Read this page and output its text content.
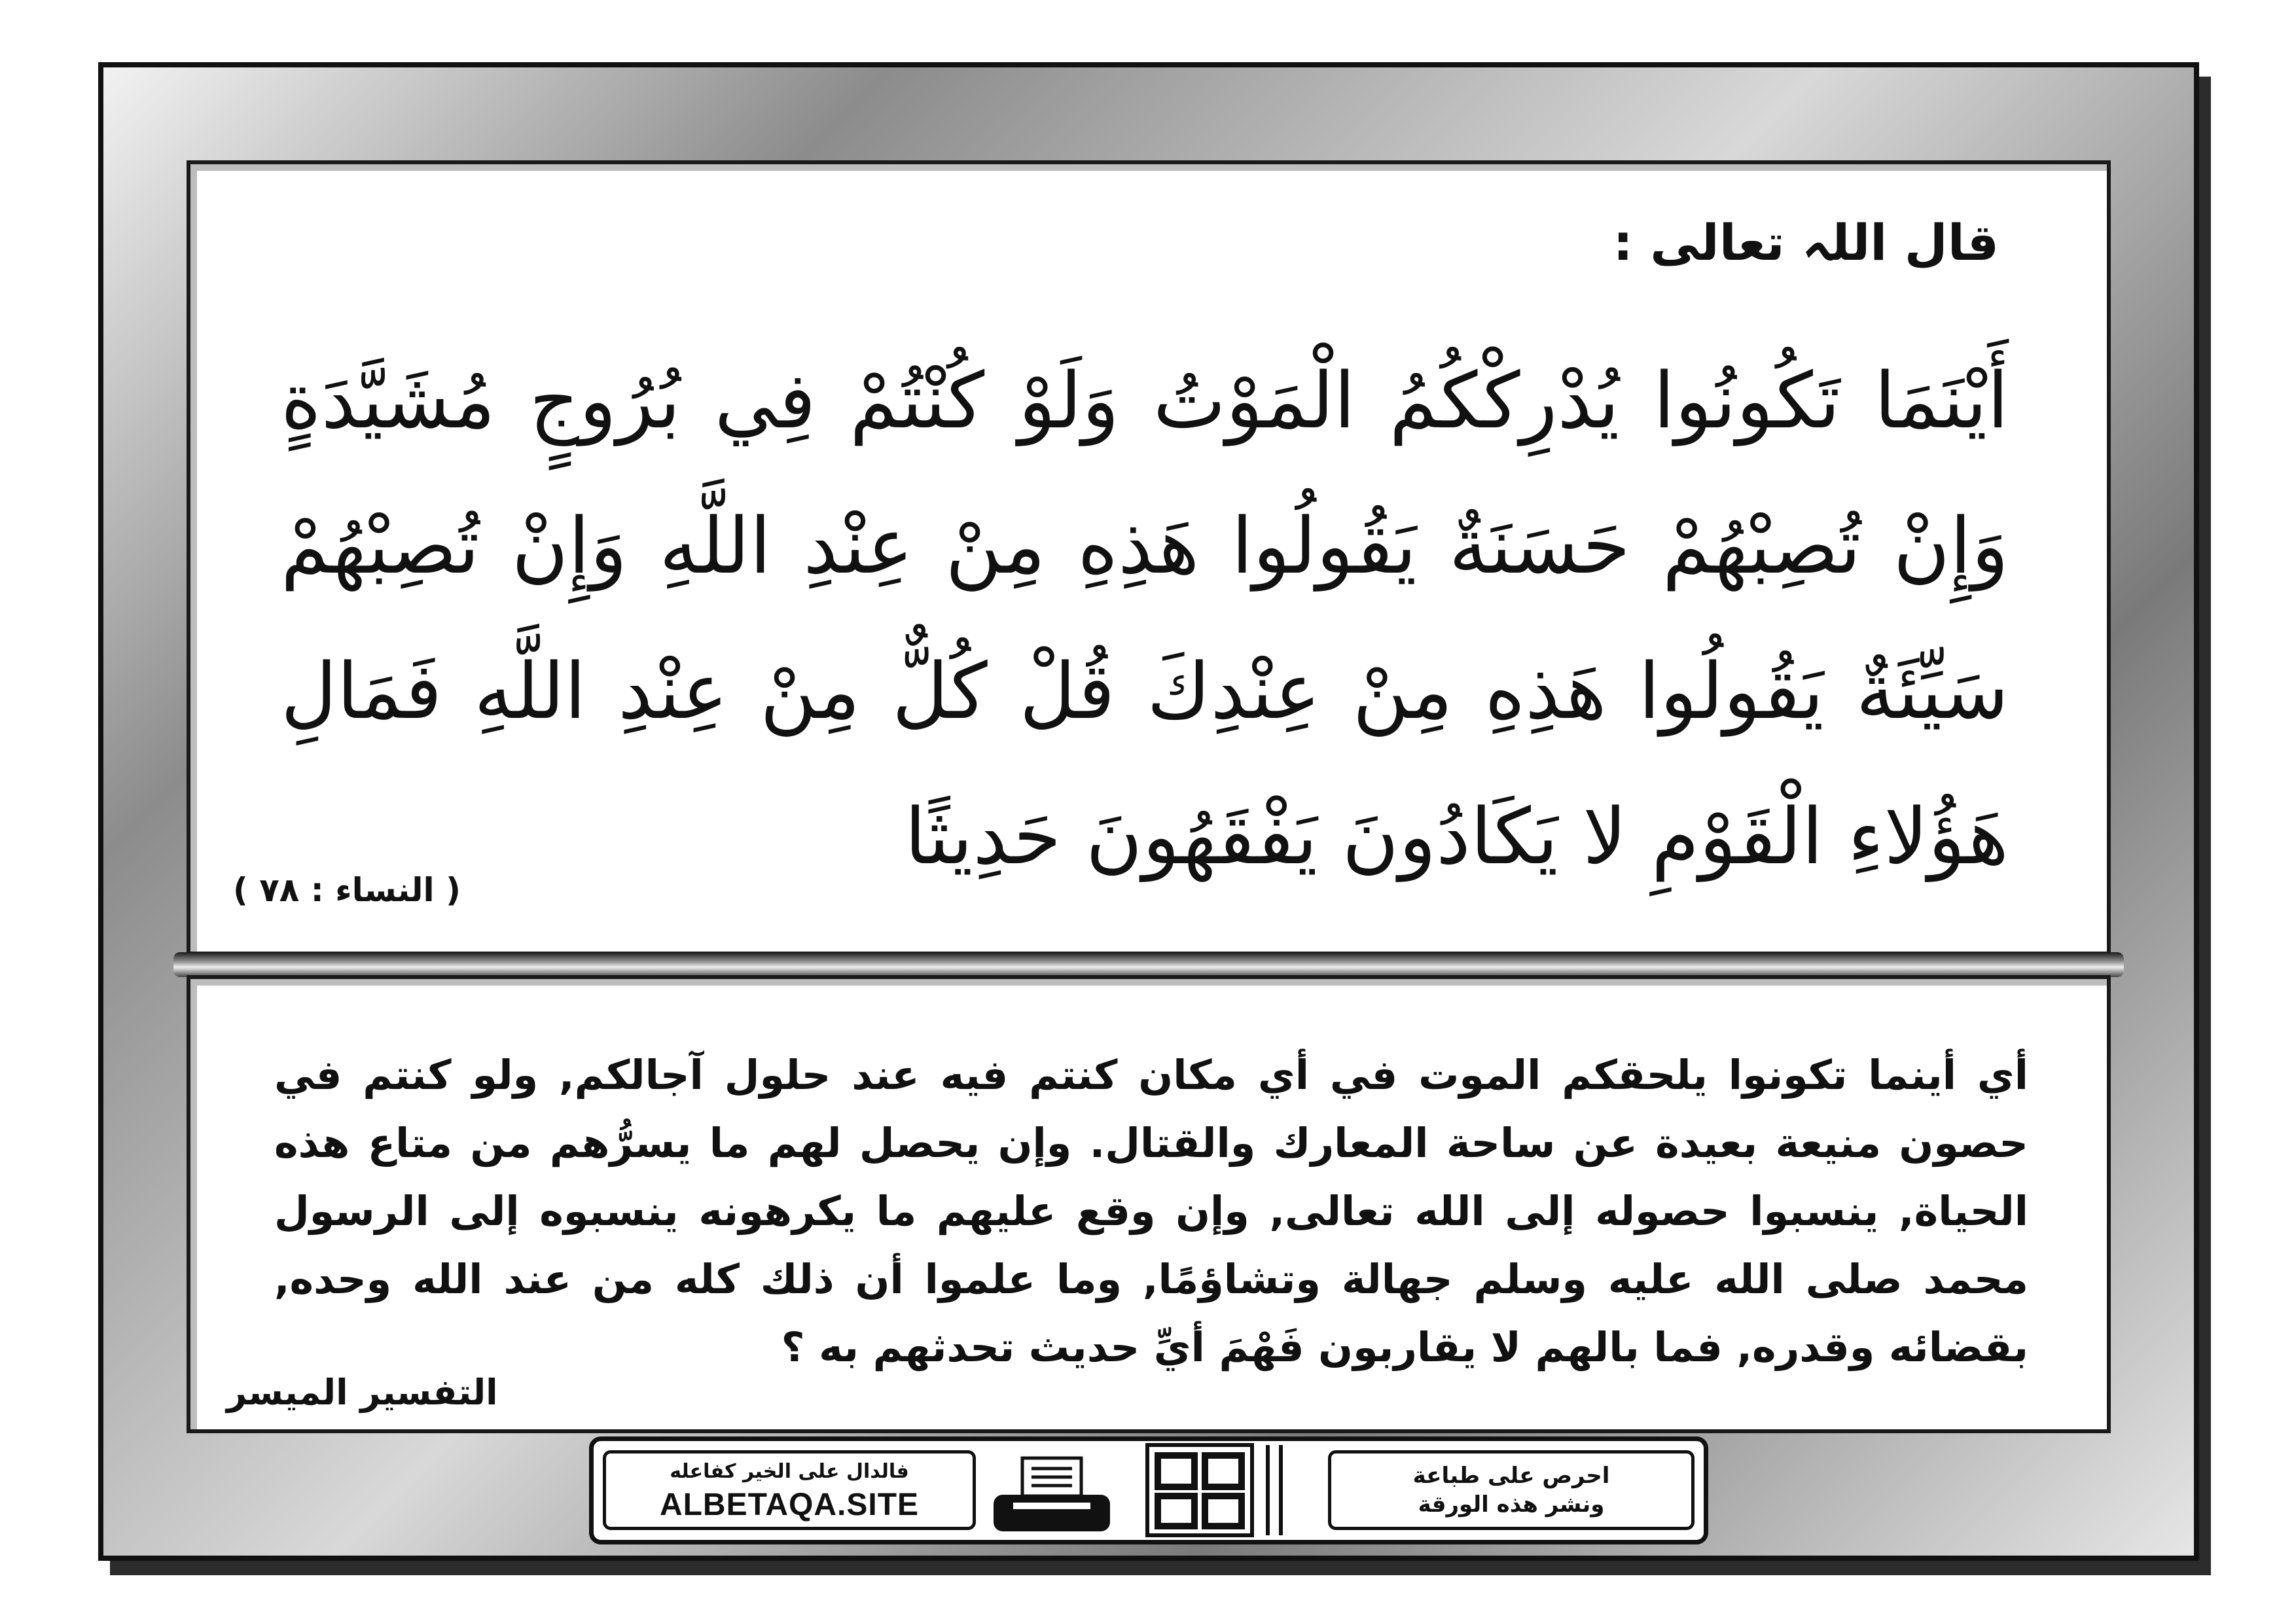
قال اللہ تعالى :

أَيْنَمَا تَكُونُوا يُدْرِكْكُمُ الْمَوْتُ وَلَوْ كُنْتُمْ فِي بُرُوجٍ مُشَيَّدَةٍ وَإِنْ تُصِبْهُمْ حَسَنَةٌ يَقُولُوا هَذِهِ مِنْ عِنْدِ اللَّهِ وَإِنْ تُصِبْهُمْ سَيِّئَةٌ يَقُولُوا هَذِهِ مِنْ عِنْدِكَ قُلْ كُلٌّ مِنْ عِنْدِ اللَّهِ فَمَالِ هَؤُلاءِ الْقَوْمِ لا يَكَادُونَ يَفْقَهُونَ حَدِيثًا

( النساء : ٧٨ )

أي أينما تكونوا يلحقكم الموت في أي مكان كنتم فيه عند حلول آجالكم, ولو كنتم في حصون منيعة بعيدة عن ساحة المعارك والقتال. وإن يحصل لهم ما يسرُّهم من متاع هذه الحياة, ينسبوا حصوله إلى الله تعالى, وإن وقع عليهم ما يكرهونه ينسبوه إلى الرسول محمد صلى الله عليه وسلم جهالة وتشاؤمًا, وما علموا أن ذلك كله من عند الله وحده, بقضائه وقدره, فما بالهم لا يقاربون فَهْمَ أيِّ حديث تحدثهم به ؟

التفسير الميسر
فالدال على الخير كفاعله
ALBETAQA.SITE
احرص على طباعة
ونشر هذه الورقة
